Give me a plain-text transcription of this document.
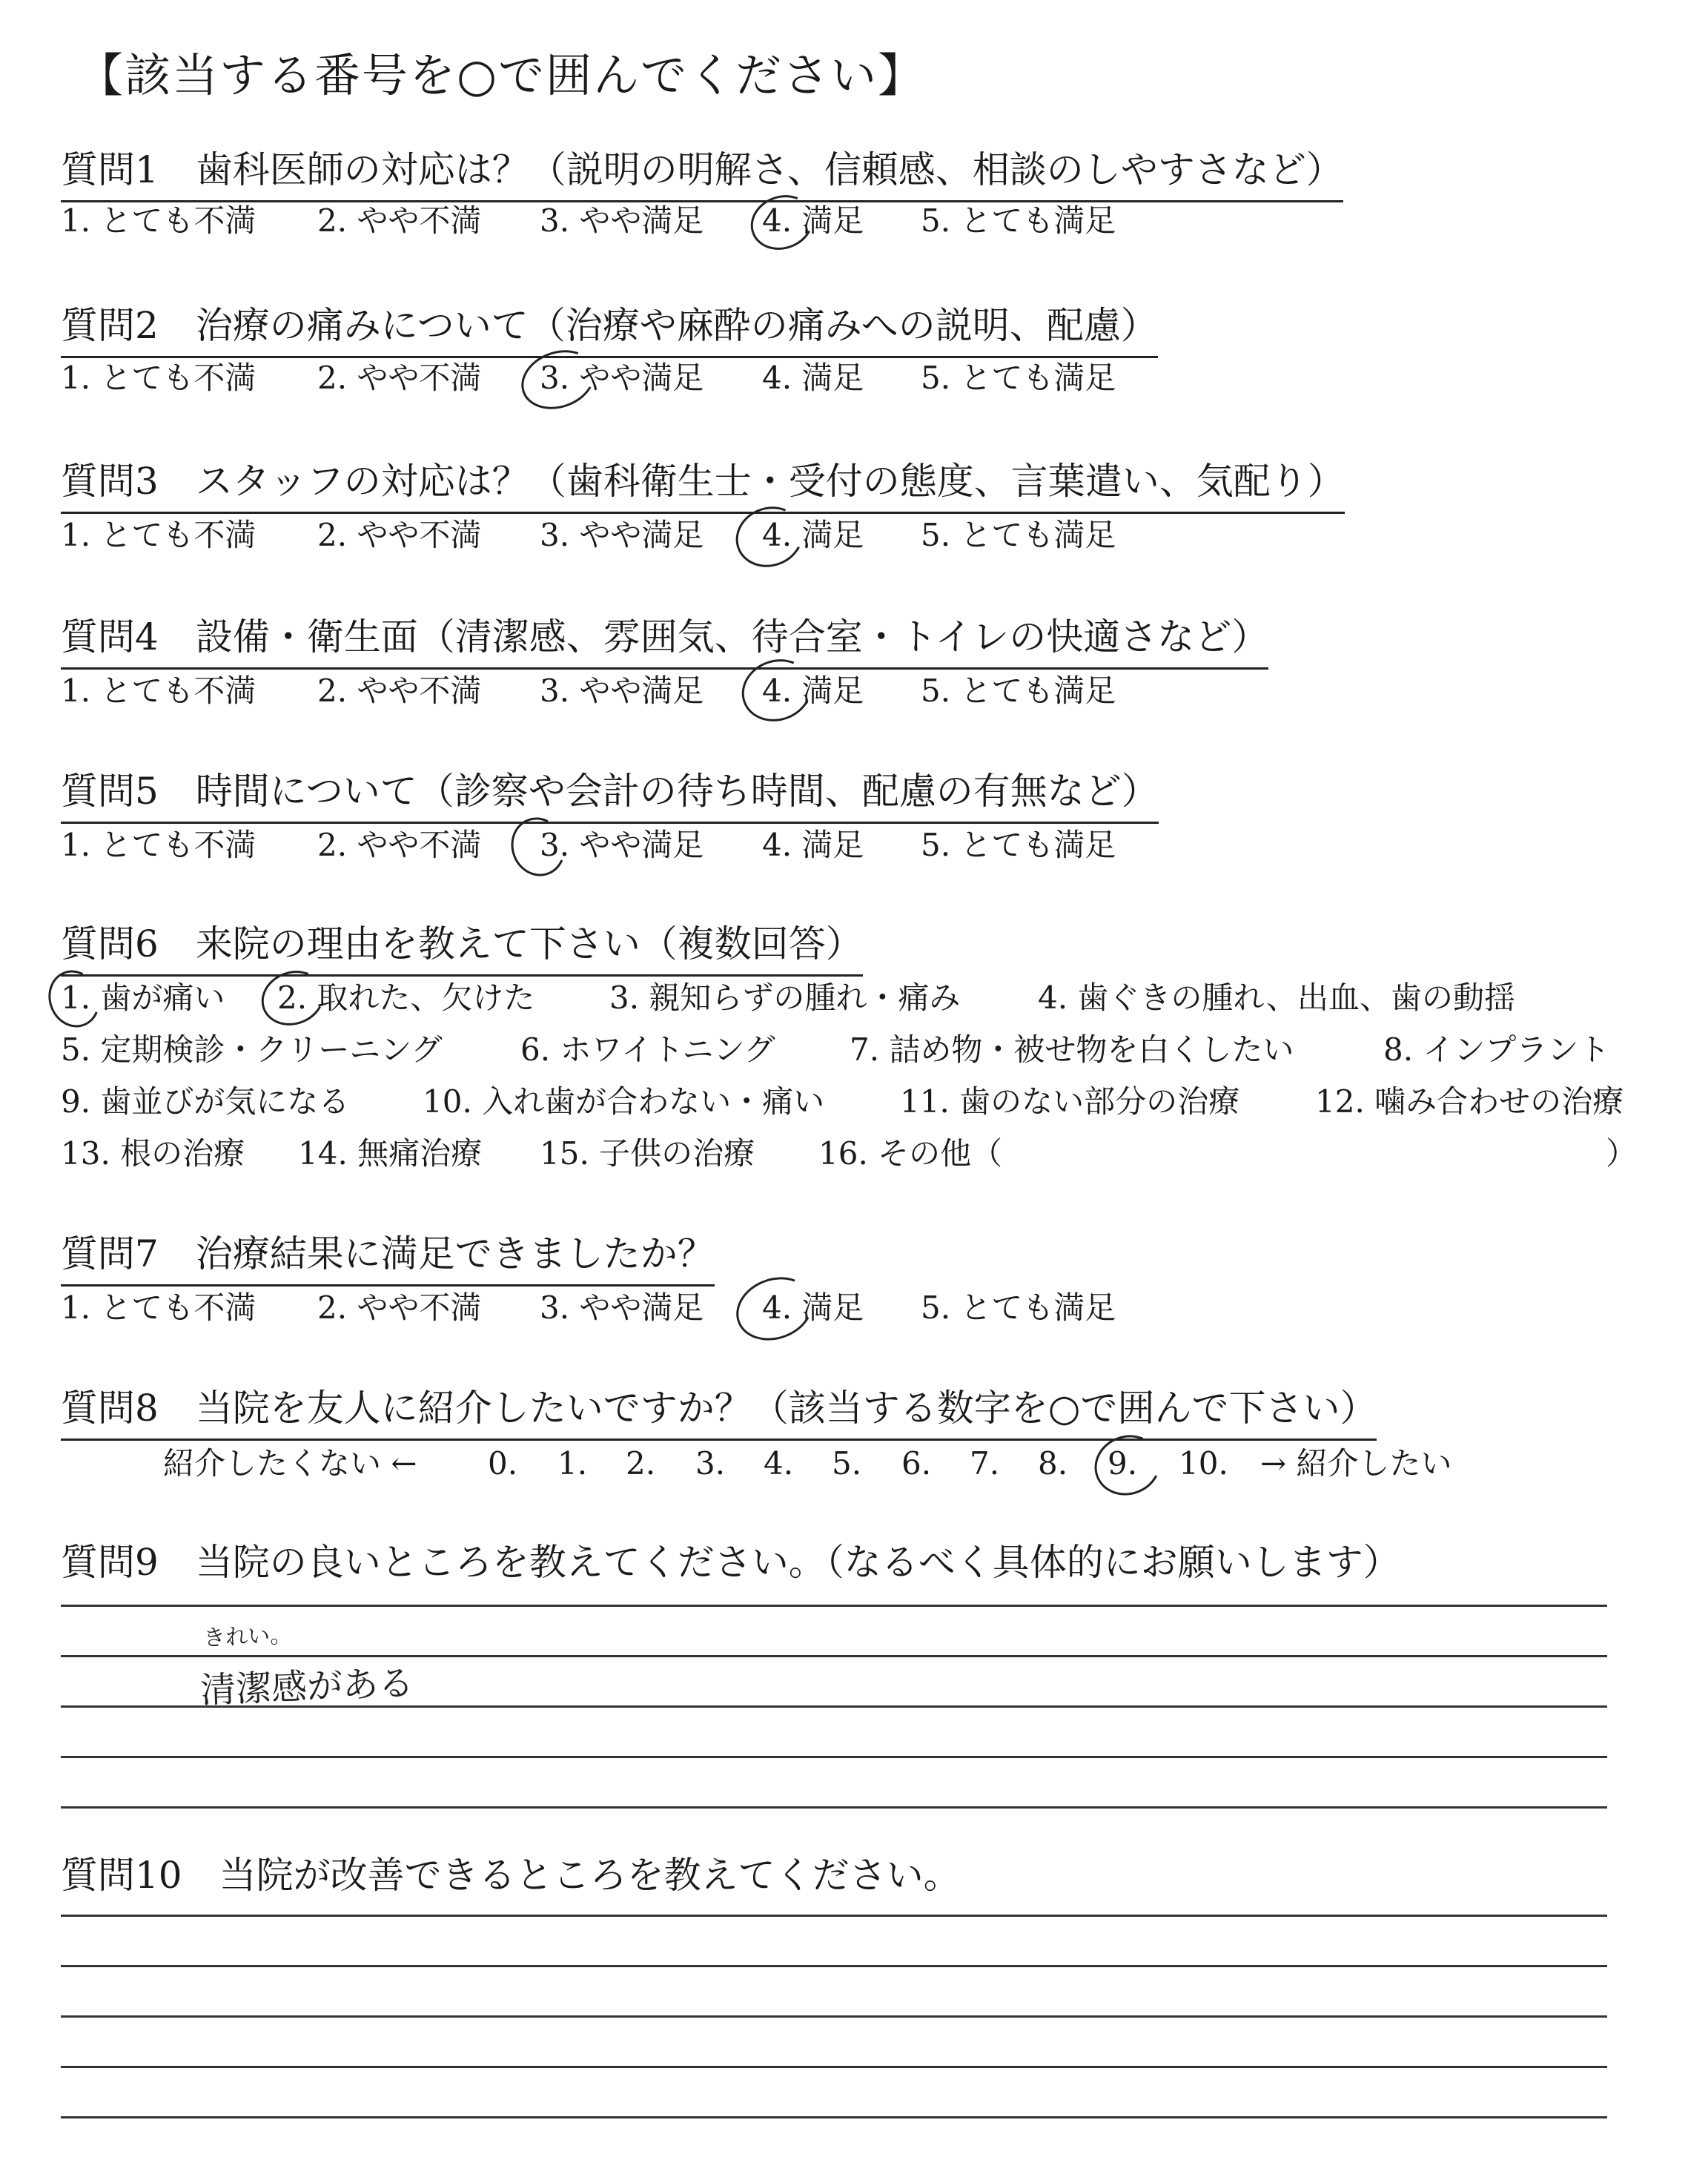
【該当する番号を○で囲んでください】
質問1　 歯科医師の対応は？（説明の明解さ、信頼感、相談のしやすさなど）
1. とても不満 2. やや不満 3. やや満足 4. 満足 5. とても満足
質問2　 治療の痛みについて（治療や麻酔の痛みへの説明、配慮）
1. とても不満 2. やや不満 3. やや満足 4. 満足 5. とても満足
質問3　 スタッフの対応は？（歯科衛生士・受付の態度、言葉遣い、気配り）
1. とても不満 2. やや不満 3. やや満足 4. 満足 5. とても満足
質問4　 設備・衛生面（清潔感、雰囲気、待合室・トイレの快適さなど）
1. とても不満 2. やや不満 3. やや満足 4. 満足 5. とても満足
質問5　 時間について（診察や会計の待ち時間、配慮の有無など）
1. とても不満 2. やや不満 3. やや満足 4. 満足 5. とても満足
質問6　 来院の理由を教えて下さい（複数回答）
1. 歯が痛い 2. 取れた、欠けた 3. 親知らずの腫れ・痛み 4. 歯ぐきの腫れ、出血、歯の動揺
5. 定期検診・クリーニング	6. ホワイトニング 7. 詰め物・被せ物を白くしたい	8. インプラント
9. 歯並びが気になる 10. 入れ歯が合わない・痛い 11. 歯のない部分の治療 12. 噛み合わせの治療
13. 根の治療 14. 無痛治療 15. 子供の治療 16. その他（	）
質問7　 治療結果に満足できましたか？
1. とても不満 2. やや不満 3. やや満足 4. 満足 5. とても満足
質問8　 当院を友人に紹介したいですか？（該当する数字を○で囲んで下さい）
紹介したくない ← 0. 1. 2. 3. 4. 5. 6. 7. 8. 9. 10. → 紹介したい
質問9　 当院の良いところを教えてください。（なるべく具体的にお願いします）
きれい。
清潔感がある
質問10　 当院が改善できるところを教えてください。
